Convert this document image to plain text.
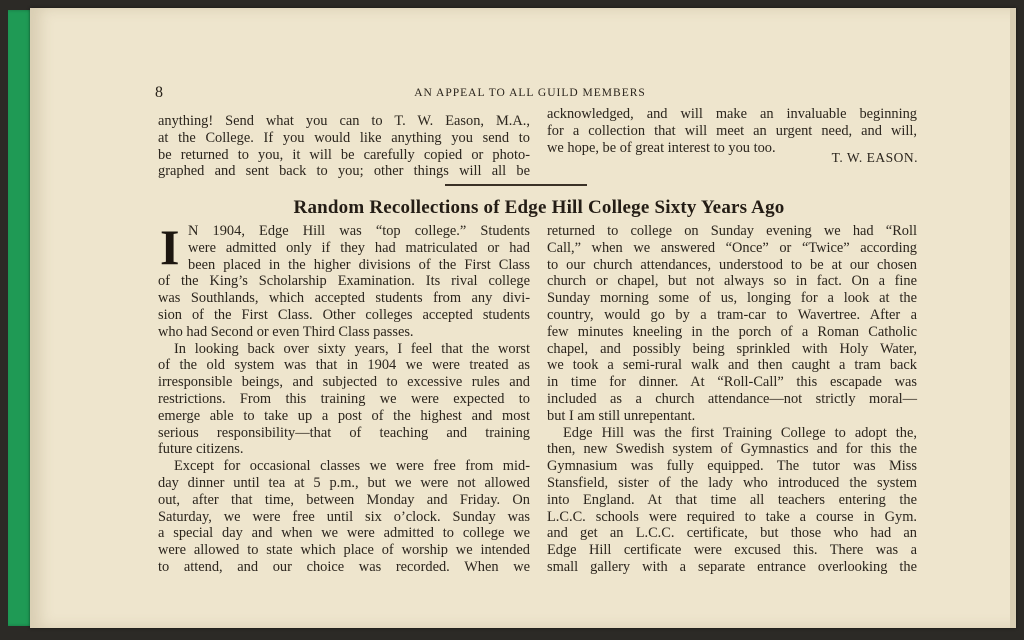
8	AN APPEAL TO ALL GUILD MEMBERS
anything! Send what you can to T. W. Eason, M.A.,
at the College. If you would like anything you send to
be returned to you, it will be carefully copied or photo-
graphed and sent back to you; other things will all be
acknowledged, and will make an invaluable beginning
for a collection that will meet an urgent need, and will,
we hope, be of great interest to you too.
T. W. EASON.
Random Recollections of Edge Hill College Sixty Years Ago
I N 1904, Edge Hill was “top college.” Students
were admitted only if they had matriculated or had
been placed in the higher divisions of the First Class
of the King’s Scholarship Examination. Its rival college
was Southlands, which accepted students from any divi-
sion of the First Class. Other colleges accepted students
who had Second or even Third Class passes.
In looking back over sixty years, I feel that the worst
of the old system was that in 1904 we were treated as
irresponsible beings, and subjected to excessive rules and
restrictions. From this training we were expected to
emerge able to take up a post of the highest and most
serious responsibility—that of teaching and training
future citizens.
Except for occasional classes we were free from mid-
day dinner until tea at 5 p.m., but we were not allowed
out, after that time, between Monday and Friday. On
Saturday, we were free until six o’clock. Sunday was
a special day and when we were admitted to college we
were allowed to state which place of worship we intended
to attend, and our choice was recorded. When we
returned to college on Sunday evening we had “Roll
Call,” when we answered “Once” or “Twice” according
to our church attendances, understood to be at our chosen
church or chapel, but not always so in fact. On a fine
Sunday morning some of us, longing for a look at the
country, would go by a tram-car to Wavertree. After a
few minutes kneeling in the porch of a Roman Catholic
chapel, and possibly being sprinkled with Holy Water,
we took a semi-rural walk and then caught a tram back
in time for dinner. At “Roll-Call” this escapade was
included as a church attendance—not strictly moral—
but I am still unrepentant.
Edge Hill was the first Training College to adopt the,
then, new Swedish system of Gymnastics and for this the
Gymnasium was fully equipped. The tutor was Miss
Stansfield, sister of the lady who introduced the system
into England. At that time all teachers entering the
L.C.C. schools were required to take a course in Gym.
and get an L.C.C. certificate, but those who had an
Edge Hill certificate were excused this. There was a
small gallery with a separate entrance overlooking the
